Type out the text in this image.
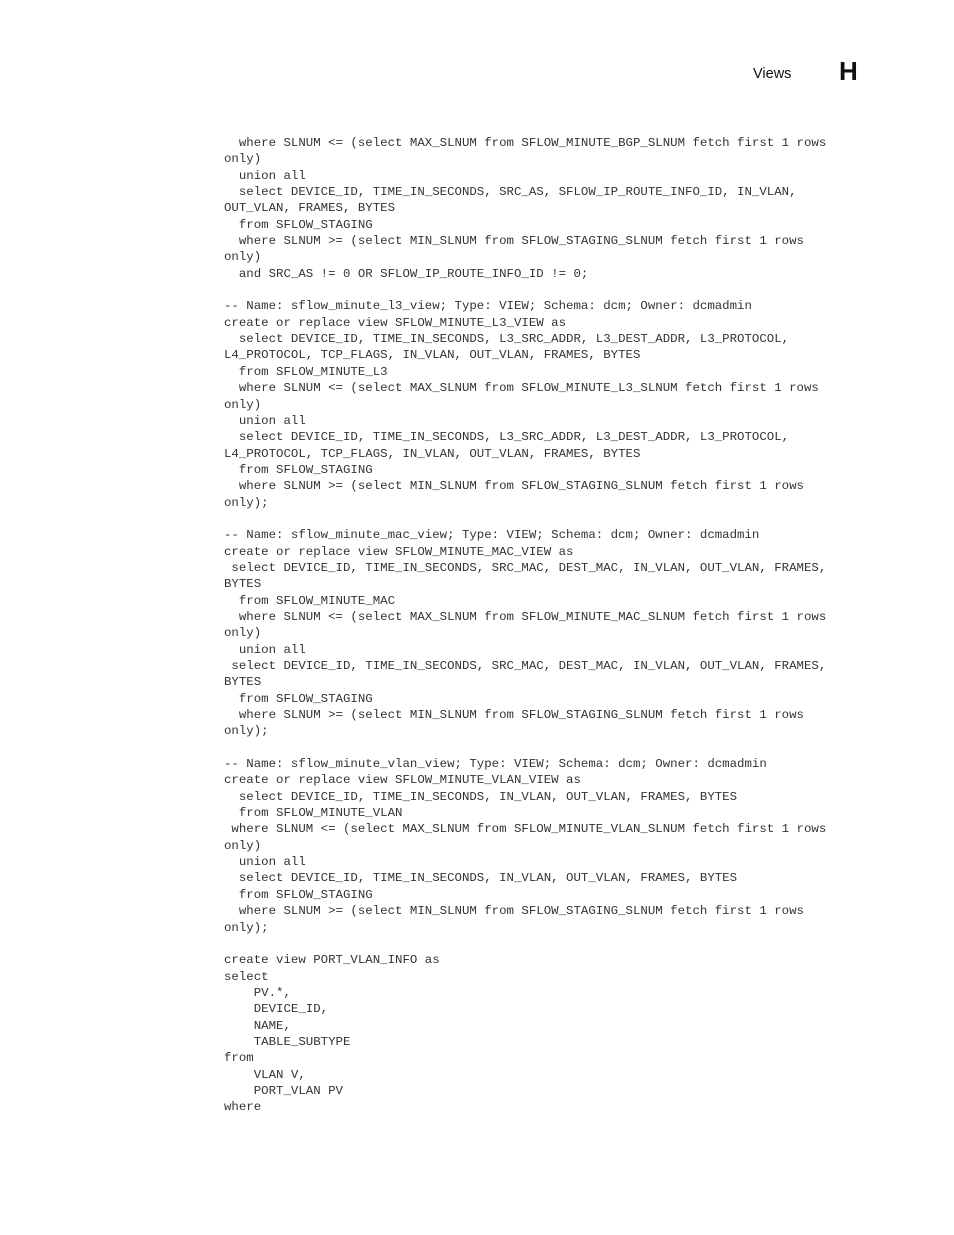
Views H
where SLNUM <= (select MAX_SLNUM from SFLOW_MINUTE_BGP_SLNUM fetch first 1 rows
only)
union all
select DEVICE_ID, TIME_IN_SECONDS, SRC_AS, SFLOW_IP_ROUTE_INFO_ID, IN_VLAN,
OUT_VLAN, FRAMES, BYTES
from SFLOW_STAGING
where SLNUM >= (select MIN_SLNUM from SFLOW_STAGING_SLNUM fetch first 1 rows
only)
and SRC_AS != 0 OR SFLOW_IP_ROUTE_INFO_ID != 0;

-- Name: sflow_minute_l3_view; Type: VIEW; Schema: dcm; Owner: dcmadmin
create or replace view SFLOW_MINUTE_L3_VIEW as
select DEVICE_ID, TIME_IN_SECONDS, L3_SRC_ADDR, L3_DEST_ADDR, L3_PROTOCOL,
L4_PROTOCOL, TCP_FLAGS, IN_VLAN, OUT_VLAN, FRAMES, BYTES
from SFLOW_MINUTE_L3
where SLNUM <= (select MAX_SLNUM from SFLOW_MINUTE_L3_SLNUM fetch first 1 rows
only)
union all
select DEVICE_ID, TIME_IN_SECONDS, L3_SRC_ADDR, L3_DEST_ADDR, L3_PROTOCOL,
L4_PROTOCOL, TCP_FLAGS, IN_VLAN, OUT_VLAN, FRAMES, BYTES
from SFLOW_STAGING
where SLNUM >= (select MIN_SLNUM from SFLOW_STAGING_SLNUM fetch first 1 rows
only);

-- Name: sflow_minute_mac_view; Type: VIEW; Schema: dcm; Owner: dcmadmin
create or replace view SFLOW_MINUTE_MAC_VIEW as
select DEVICE_ID, TIME_IN_SECONDS, SRC_MAC, DEST_MAC, IN_VLAN, OUT_VLAN, FRAMES,
BYTES
from SFLOW_MINUTE_MAC
where SLNUM <= (select MAX_SLNUM from SFLOW_MINUTE_MAC_SLNUM fetch first 1 rows
only)
union all
select DEVICE_ID, TIME_IN_SECONDS, SRC_MAC, DEST_MAC, IN_VLAN, OUT_VLAN, FRAMES,
BYTES
from SFLOW_STAGING
where SLNUM >= (select MIN_SLNUM from SFLOW_STAGING_SLNUM fetch first 1 rows
only);

-- Name: sflow_minute_vlan_view; Type: VIEW; Schema: dcm; Owner: dcmadmin
create or replace view SFLOW_MINUTE_VLAN_VIEW as
select DEVICE_ID, TIME_IN_SECONDS, IN_VLAN, OUT_VLAN, FRAMES, BYTES
from SFLOW_MINUTE_VLAN
where SLNUM <= (select MAX_SLNUM from SFLOW_MINUTE_VLAN_SLNUM fetch first 1 rows
only)
union all
select DEVICE_ID, TIME_IN_SECONDS, IN_VLAN, OUT_VLAN, FRAMES, BYTES
from SFLOW_STAGING
where SLNUM >= (select MIN_SLNUM from SFLOW_STAGING_SLNUM fetch first 1 rows
only);

create view PORT_VLAN_INFO as
select
PV.*,
DEVICE_ID,
NAME,
TABLE_SUBTYPE
from
VLAN V,
PORT_VLAN PV
where
